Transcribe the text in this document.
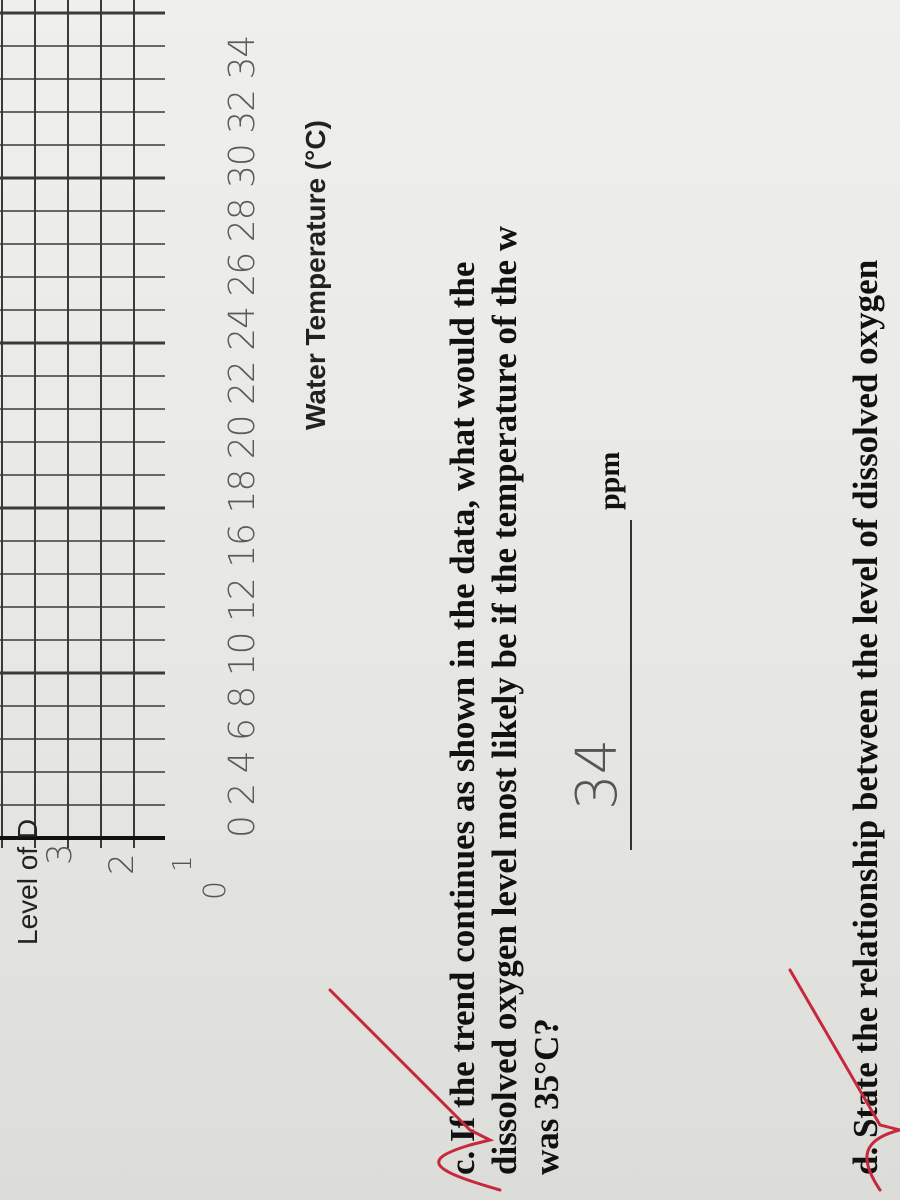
Level of D
3 2 1
0
0 2 4 6 8 10 12 16 18 20 22 24 26 28 30 32 34 Water Temperature (°C)	c. If the trend continues as shown in the data, what would the dissolved oxygen level most likely be if the temperature of the w was 35°C?
34
ppm	d. State the relationship between the level of dissolved oxygen
